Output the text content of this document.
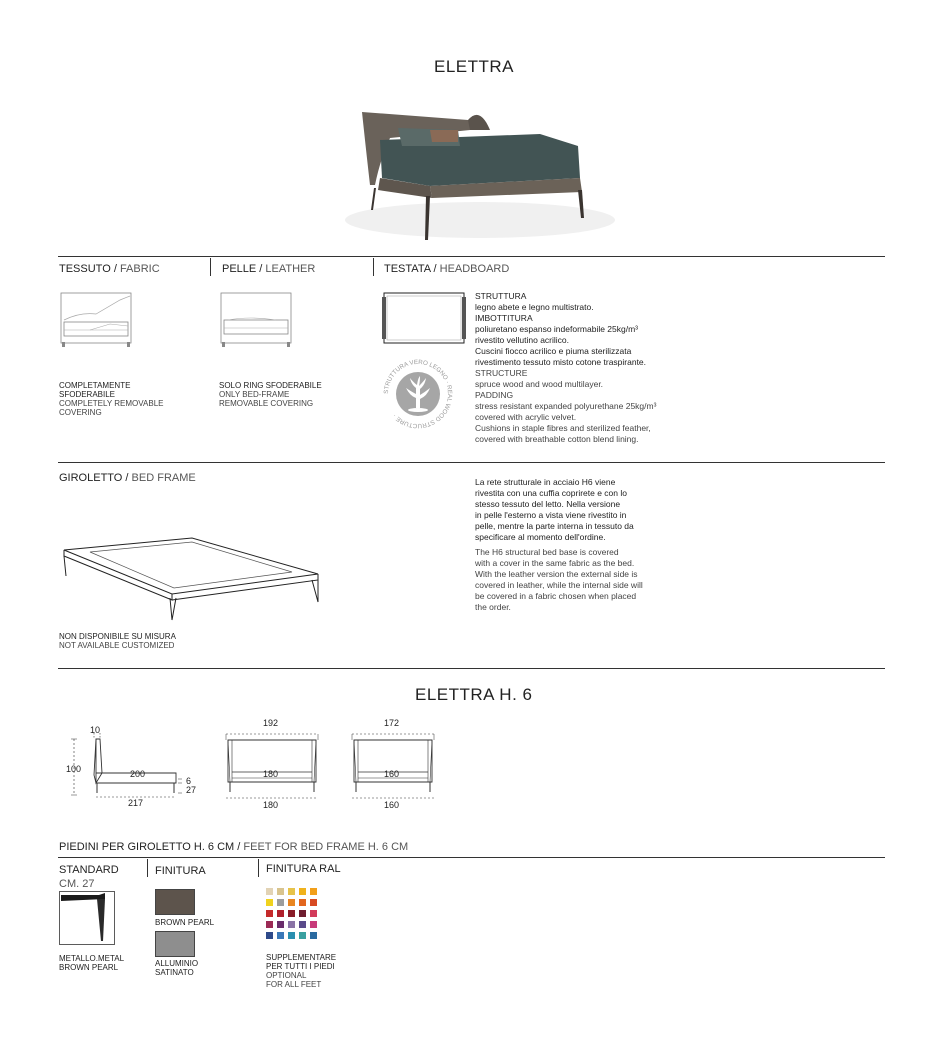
ELETTRA
TESSUTO / FABRIC	PELLE / LEATHER	TESTATA / HEADBOARD
COMPLETAMENTE SFODERABILE
COMPLETELY REMOVABLE COVERING
SOLO RING SFODERABILE
ONLY BED-FRAME REMOVABLE COVERING
STRUTTURA VERO LEGNO · REAL WOOD STRUCTURE ·
STRUTTURA
legno abete e legno multistrato.
IMBOTTITURA
poliuretano espanso indeformabile 25kg/m³
rivestito vellutino acrilico.
Cuscini fiocco acrilico e piuma sterilizzata
rivestimento tessuto misto cotone traspirante.
STRUCTURE
spruce wood and wood multilayer.
PADDING
stress resistant expanded polyurethane 25kg/m³
covered with acrylic velvet.
Cushions in staple fibres and sterilized feather,
covered with breathable cotton blend lining.
GIROLETTO / BED FRAME
NON DISPONIBILE SU MISURA
NOT AVAILABLE CUSTOMIZED
La rete strutturale in acciaio H6 viene
rivestita con una cuffia coprirete e con lo
stesso tessuto del letto. Nella versione
in pelle l'esterno a vista viene rivestito in
pelle, mentre la parte interna in tessuto da
specificare al momento dell'ordine.
The H6 structural bed base is covered
with a cover in the same fabric as the bed.
With the leather version the external side is
covered in leather, while the internal side will
be covered in a fabric chosen when placed
the order.
ELETTRA H. 6
10
100	200
6
27
217
192
180
180
172
160
160
PIEDINI PER GIROLETTO H. 6 CM / FEET FOR BED FRAME H. 6 CM
STANDARD
CM. 27
FINITURA	FINITURA RAL
METALLO.METAL
BROWN PEARL
BROWN PEARL
ALLUMINIO
SATINATO
SUPPLEMENTARE
PER TUTTI I PIEDI
OPTIONAL
FOR ALL FEET
